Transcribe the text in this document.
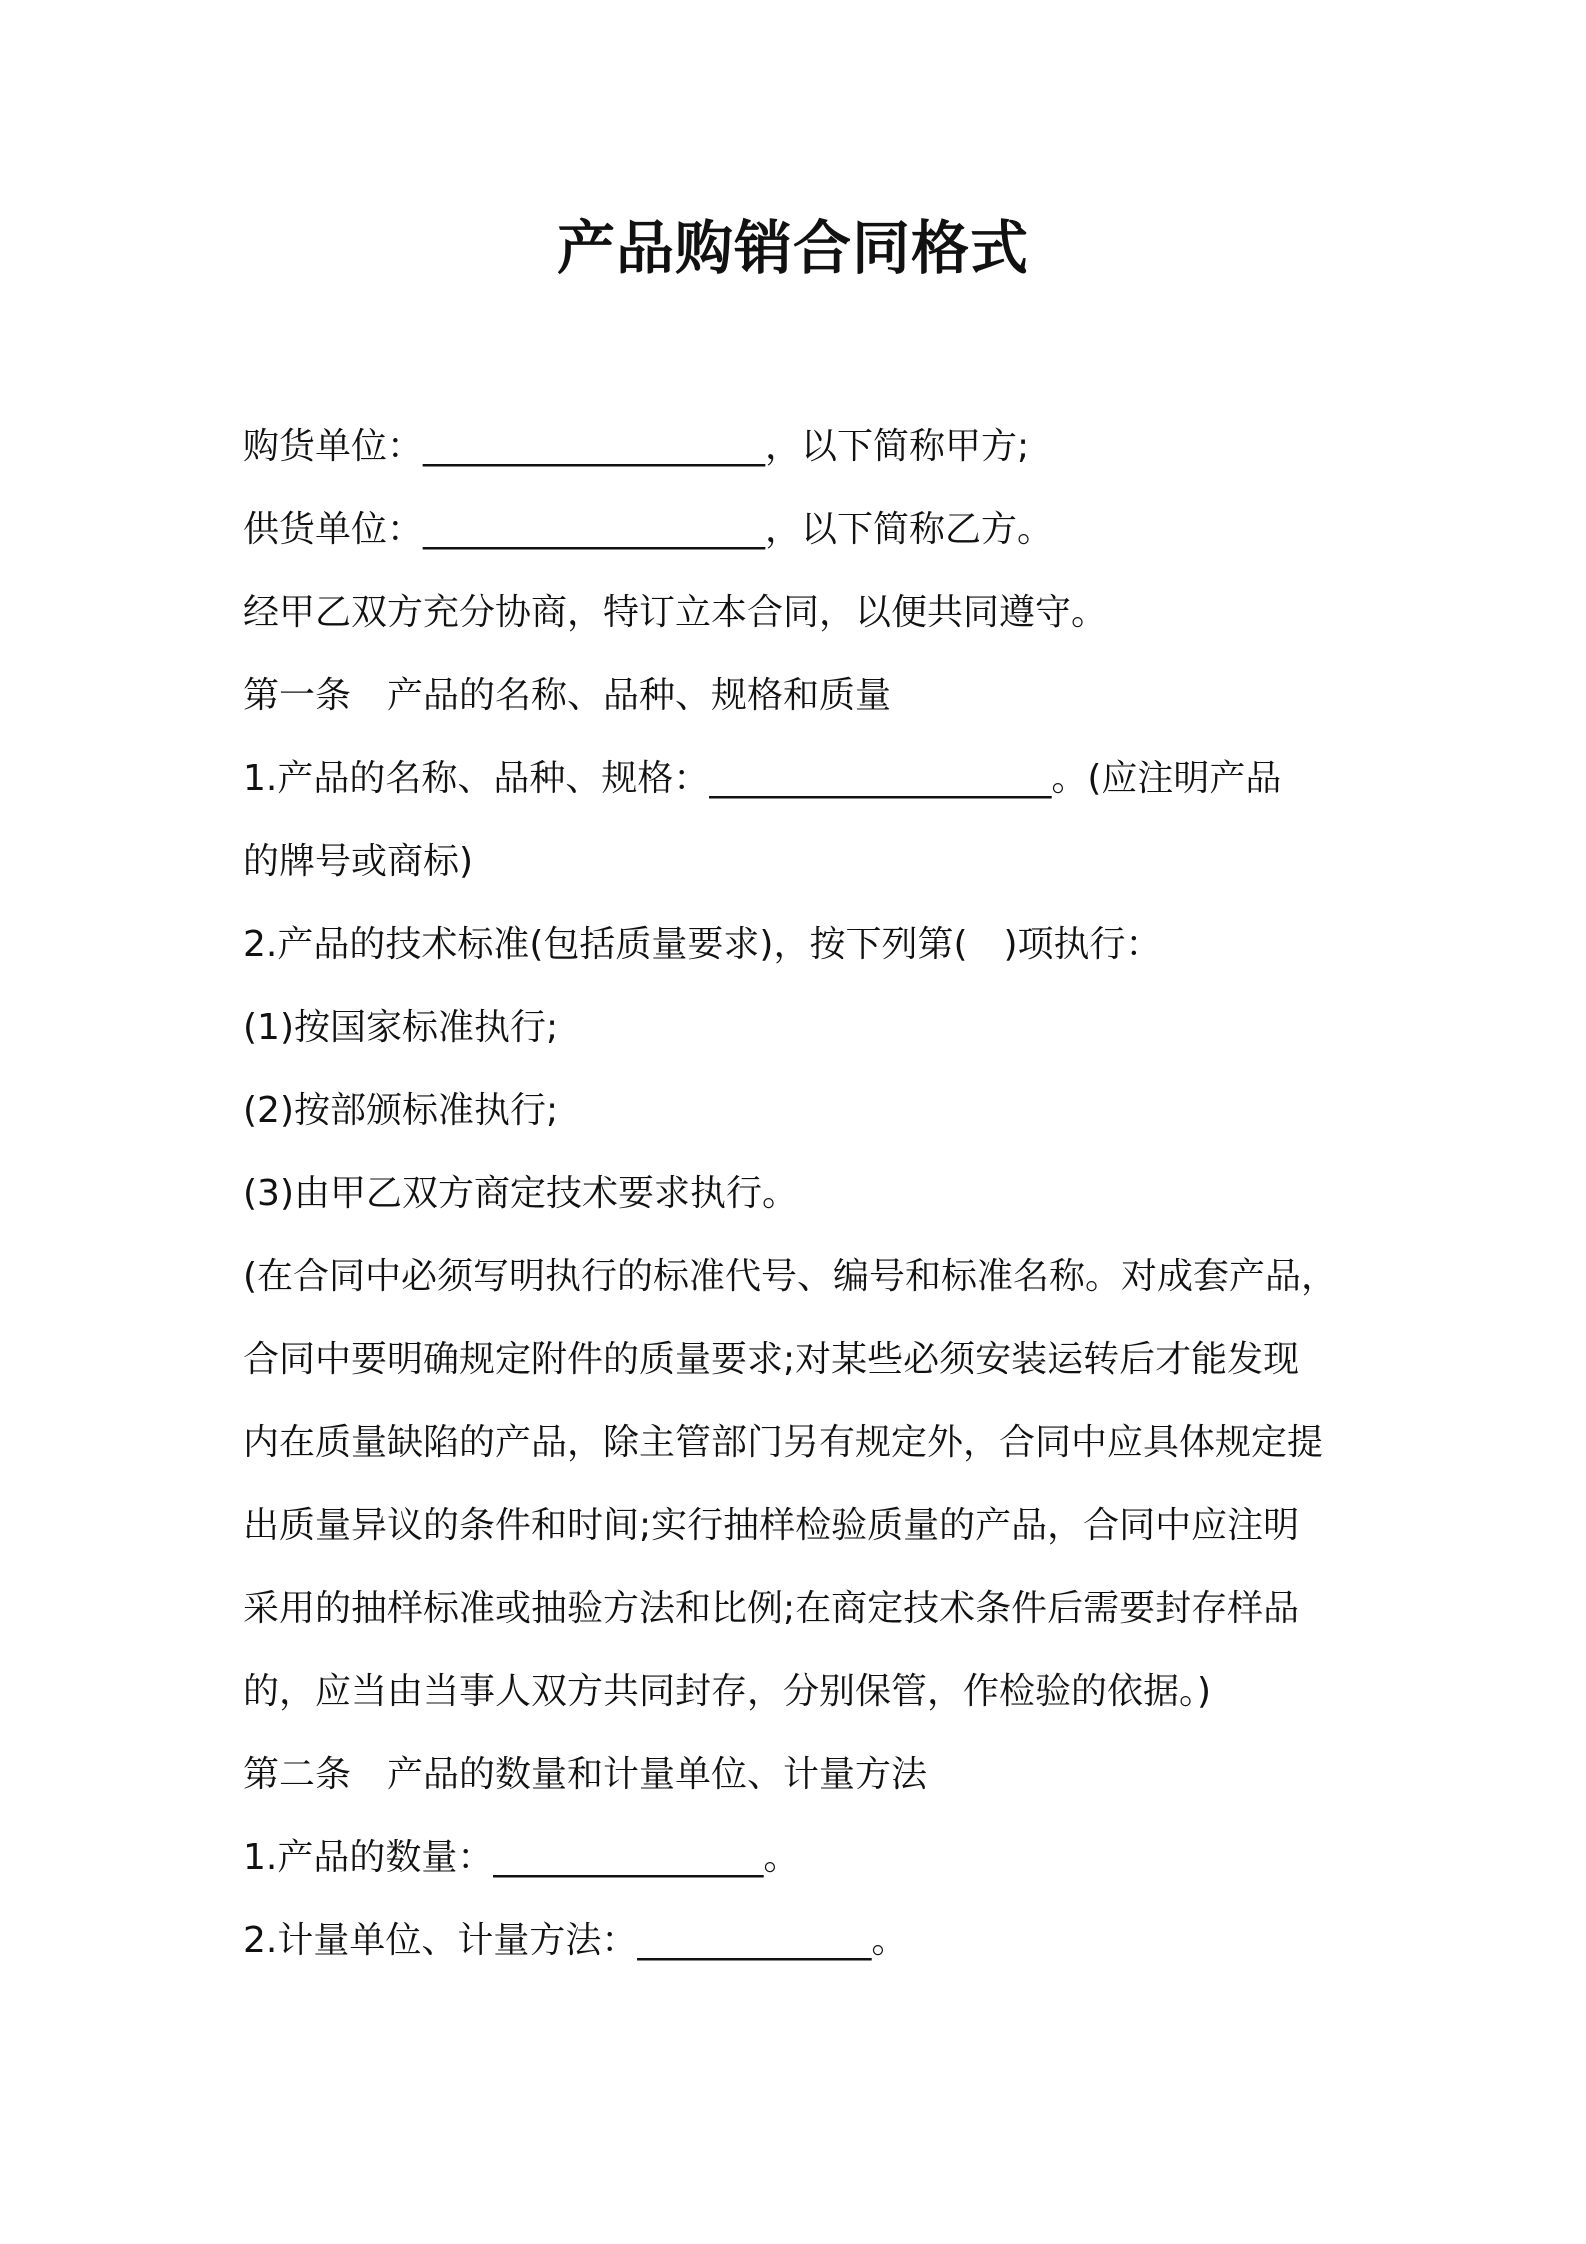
产品购销合同格式
购货单位：___________________，以下简称甲方;
供货单位：___________________，以下简称乙方。
经甲乙双方充分协商，特订立本合同，以便共同遵守。
第一条　产品的名称、品种、规格和质量
1.产品的名称、品种、规格：___________________。(应注明产品
的牌号或商标)
2.产品的技术标准(包括质量要求)，按下列第(　)项执行：
(1)按国家标准执行;
(2)按部颁标准执行;
(3)由甲乙双方商定技术要求执行。
(在合同中必须写明执行的标准代号、编号和标准名称。对成套产品，
合同中要明确规定附件的质量要求;对某些必须安装运转后才能发现
内在质量缺陷的产品，除主管部门另有规定外，合同中应具体规定提
出质量异议的条件和时间;实行抽样检验质量的产品，合同中应注明
采用的抽样标准或抽验方法和比例;在商定技术条件后需要封存样品
的，应当由当事人双方共同封存，分别保管，作检验的依据。)
第二条　产品的数量和计量单位、计量方法
1.产品的数量：_______________。
2.计量单位、计量方法：_____________。
